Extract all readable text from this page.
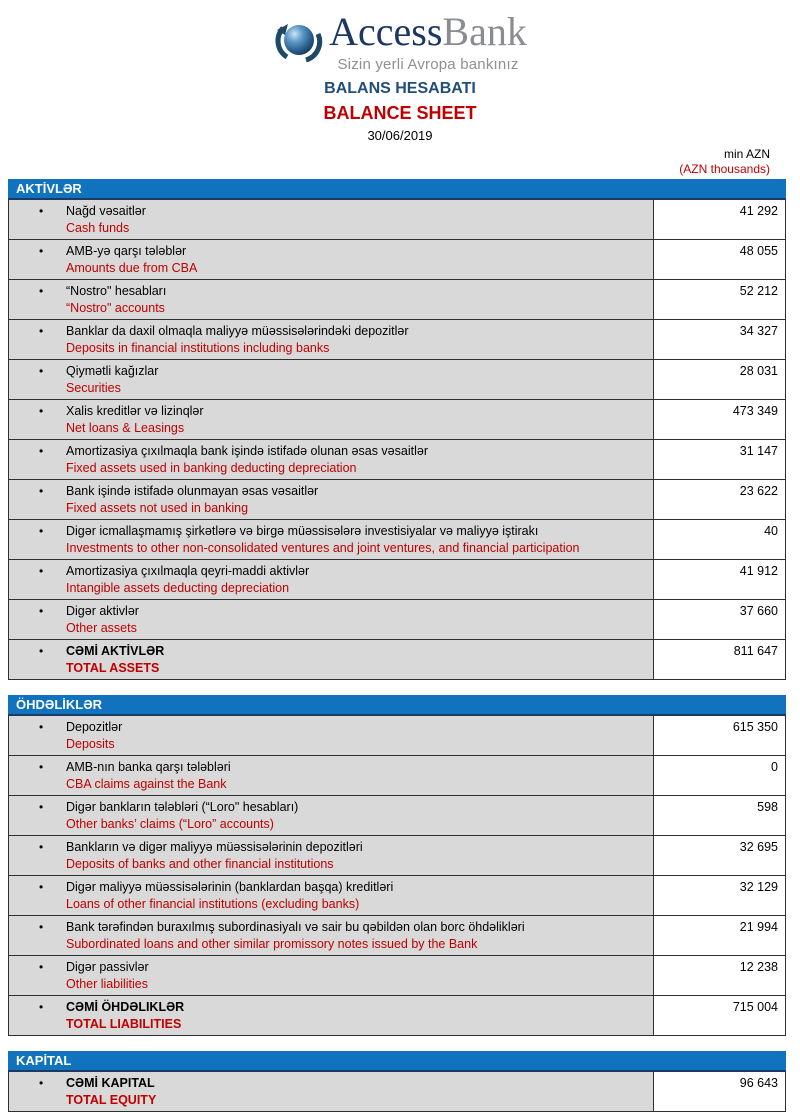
AccessBank
Sizin yerli Avropa bankınız
BALANS HESABATI
BALANCE SHEET
30/06/2019
min AZN
(AZN thousands)
AKTİVLƏR
•	Nağd vəsaitlər
Cash funds
41 292
•	AMB-yə qarşı tələblər
Amounts due from CBA
48 055
•	“Nostro" hesabları
“Nostro" accounts
52 212
•	Banklar da daxil olmaqla maliyyə müəssisələrindəki depozitlər
Deposits in financial institutions including banks
34 327
•	Qiymətli kağızlar
Securities
28 031
•	Xalis kreditlər və lizinqlər
Net loans & Leasings
473 349
•	Amortizasiya çıxılmaqla bank işində istifadə olunan əsas vəsaitlər
Fixed assets used in banking deducting depreciation
31 147
•	Bank işində istifadə olunmayan əsas vəsaitlər
Fixed assets not used in banking
23 622
•	Digər icmallaşmamış şirkətlərə və birgə müəssisələrə investisiyalar və maliyyə iştirakı
Investments to other non-consolidated ventures and joint ventures, and financial participation
40
•	Amortizasiya çıxılmaqla qeyri-maddi aktivlər
Intangible assets deducting depreciation
41 912
•	Digər aktivlər
Other assets
37 660
•	CƏMİ AKTİVLƏR
TOTAL ASSETS
811 647
ÖHDƏLİKLƏR
•	Depozitlər
Deposits
615 350
•	AMB-nın banka qarşı tələbləri
CBA claims against the Bank
0
•	Digər bankların tələbləri (“Loro" hesabları)
Other banks’ claims (“Loro” accounts)
598
•	Bankların və digər maliyyə müəssisələrinin depozitləri
Deposits of banks and other financial institutions
32 695
•	Digər maliyyə müəssisələrinin (banklardan başqa) kreditləri
Loans of other financial institutions (excluding banks)
32 129
•	Bank tərəfindən buraxılmış subordinasiyalı və sair bu qəbildən olan borc öhdəlikləri
Subordinated loans and other similar promissory notes issued by the Bank
21 994
•	Digər passivlər
Other liabilities
12 238
•	CƏMİ ÖHDƏLIKLƏR
TOTAL LIABILITIES
715 004
KAPİTAL
•	CƏMİ KAPITAL
TOTAL EQUITY
96 643
